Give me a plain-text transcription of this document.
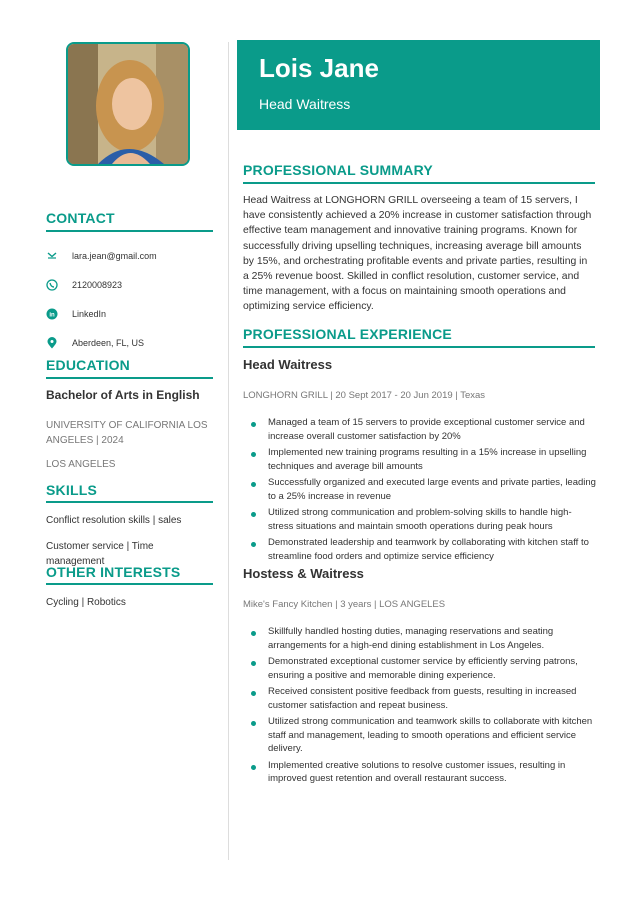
CONTACT
lara.jean@gmail.com
2120008923
in LinkedIn
Aberdeen, FL, US
EDUCATION
Bachelor of Arts in English
UNIVERSITY OF CALIFORNIA LOS ANGELES | 2024
LOS ANGELES
SKILLS
Conflict resolution skills | sales
Customer service | Time management
OTHER INTERESTS
Cycling | Robotics
Lois Jane
Head Waitress
PROFESSIONAL SUMMARY
Head Waitress at LONGHORN GRILL overseeing a team of 15 servers, I have consistently achieved a 20% increase in customer satisfaction through effective team management and innovative training programs. Known for successfully driving upselling techniques, increasing average bill amounts by 15%, and orchestrating profitable events and private parties, resulting in a 25% revenue boost. Skilled in conflict resolution, customer service, and time management, with a focus on maintaining smooth operations and optimizing service efficiency.
PROFESSIONAL EXPERIENCE
Head Waitress
LONGHORN GRILL | 20 Sept 2017 - 20 Jun 2019 | Texas
Managed a team of 15 servers to provide exceptional customer service and increase overall customer satisfaction by 20%
Implemented new training programs resulting in a 15% increase in upselling techniques and average bill amounts
Successfully organized and executed large events and private parties, leading to a 25% increase in revenue
Utilized strong communication and problem-solving skills to handle high-stress situations and maintain smooth operations during peak hours
Demonstrated leadership and teamwork by collaborating with kitchen staff to streamline food orders and optimize service efficiency
Hostess & Waitress
Mike's Fancy Kitchen | 3 years | LOS ANGELES
Skillfully handled hosting duties, managing reservations and seating arrangements for a high-end dining establishment in Los Angeles.
Demonstrated exceptional customer service by efficiently serving patrons, ensuring a positive and memorable dining experience.
Received consistent positive feedback from guests, resulting in increased customer satisfaction and repeat business.
Utilized strong communication and teamwork skills to collaborate with kitchen staff and management, leading to smooth operations and efficient service delivery.
Implemented creative solutions to resolve customer issues, resulting in improved guest retention and overall restaurant success.
